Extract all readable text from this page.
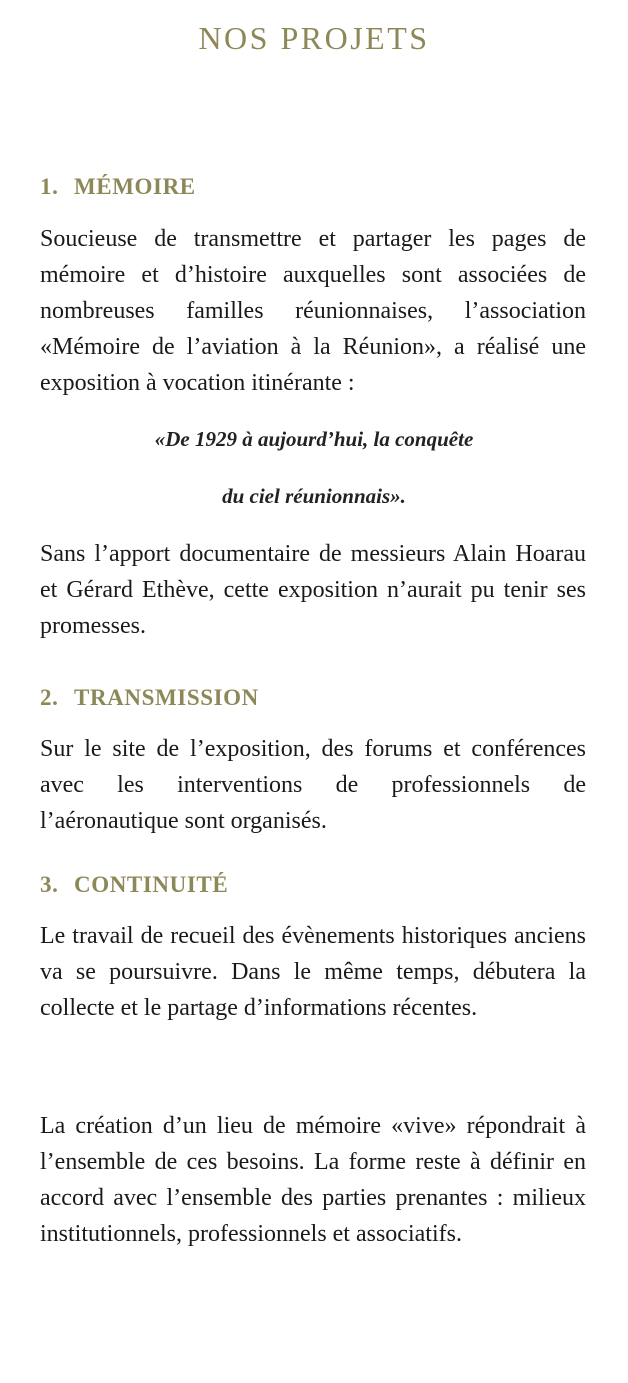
NOS PROJETS
1. MÉMOIRE

Soucieuse de transmettre et partager les pages de mémoire et d’histoire auxquelles sont associées de nombreuses familles réunionnaises, l’association «Mémoire de l’aviation à la Réunion», a réalisé une exposition à vocation itinérante :

«De 1929 à aujourd’hui, la conquête

du ciel réunionnais».

Sans l’apport documentaire de messieurs Alain Hoarau et Gérard Ethève, cette exposition n’aurait pu tenir ses promesses.

2. TRANSMISSION

Sur le site de l’exposition, des forums et conférences avec les interventions de professionnels de l’aéronautique sont organisés.

3. CONTINUITÉ

Le travail de recueil des évènements historiques anciens va se poursuivre. Dans le même temps, débutera la collecte et le partage d’informations récentes.

La création d’un lieu de mémoire «vive» répondrait à l’ensemble de ces besoins. La forme reste à définir en accord avec l’ensemble des parties prenantes : milieux institutionnels, professionnels et associatifs.
